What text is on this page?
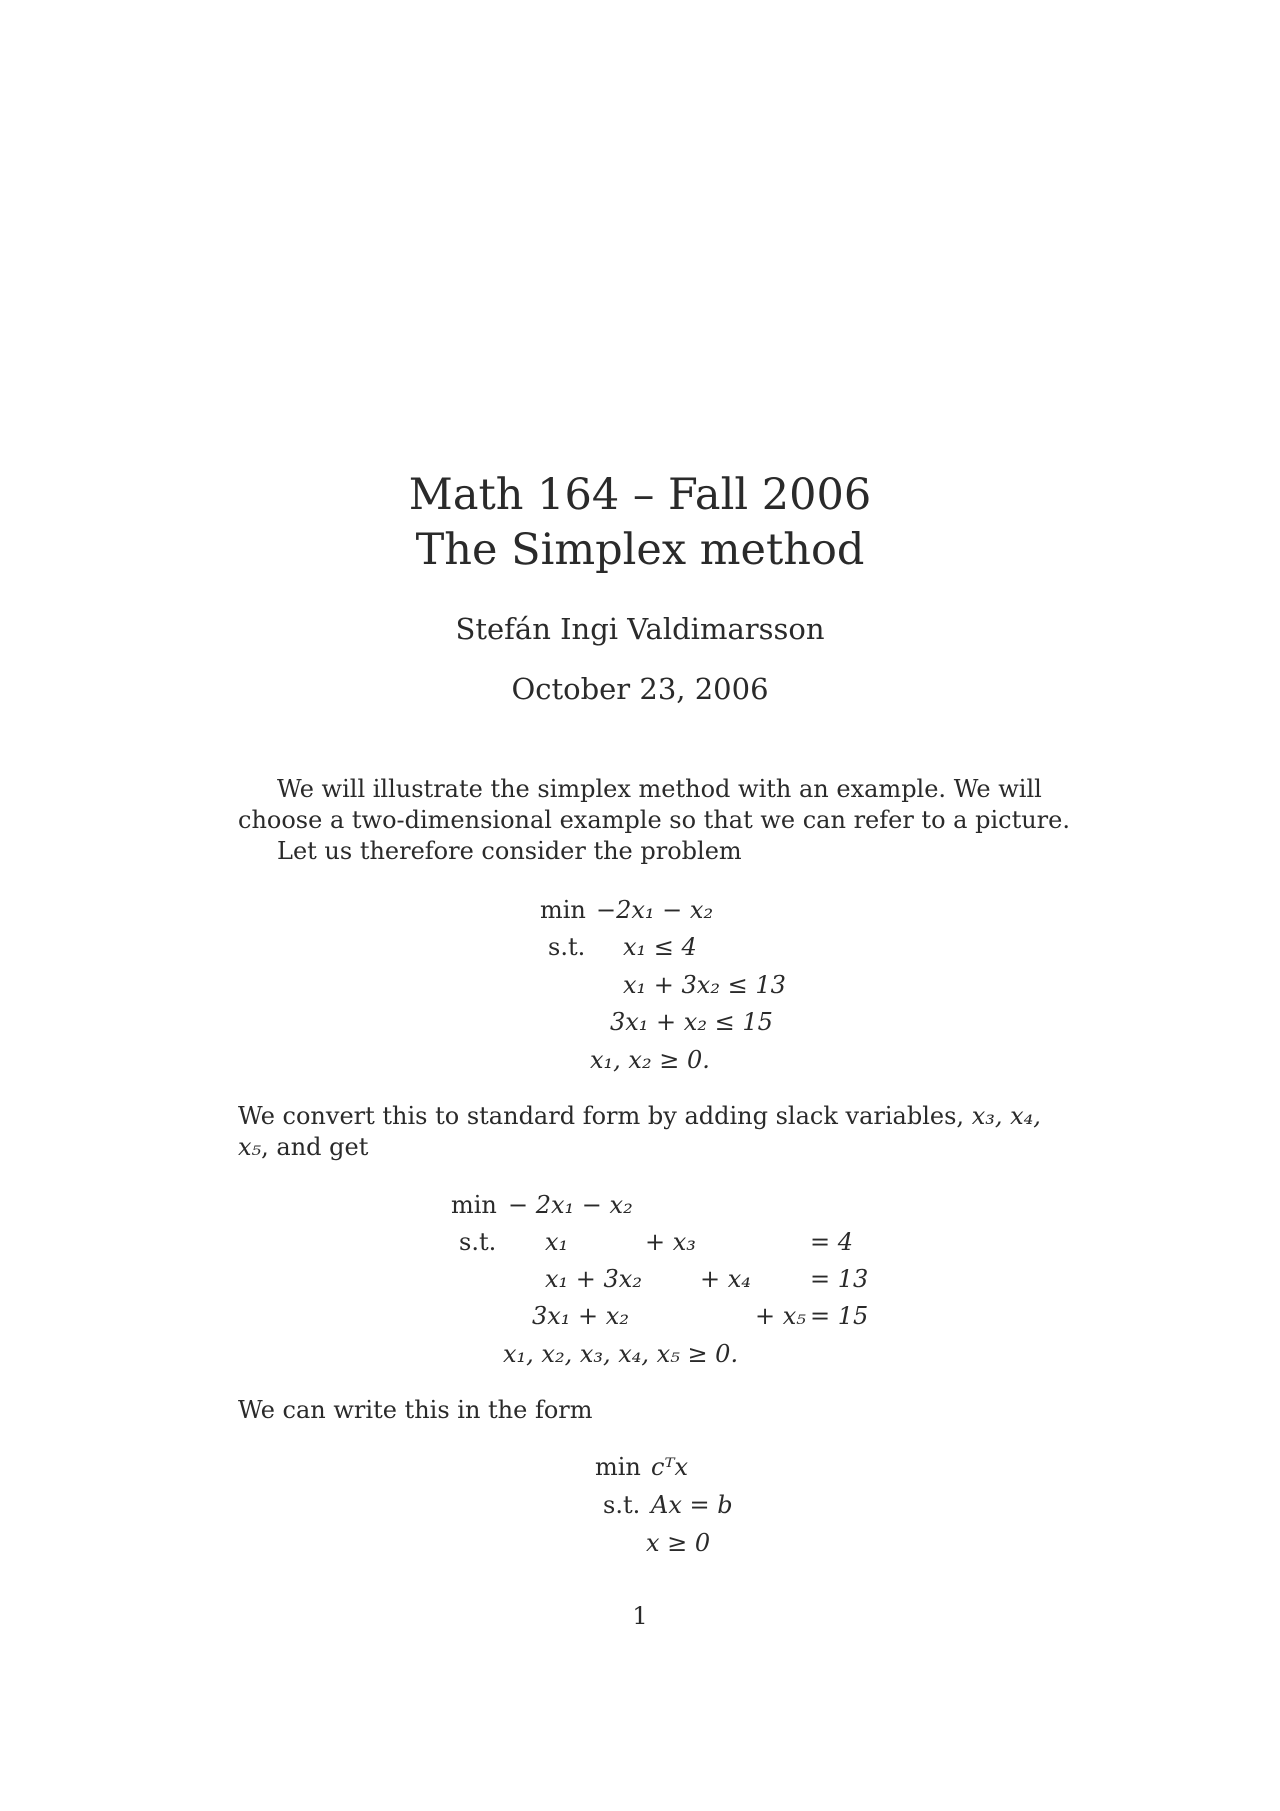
Math 164 – Fall 2006
The Simplex method
Stefán Ingi Valdimarsson
October 23, 2006
We will illustrate the simplex method with an example. We will choose a two-dimensional example so that we can refer to a picture.
Let us therefore consider the problem
min −2x₁ − x₂
s.t. x₁ ≤ 4
x₁ + 3x₂ ≤ 13
3x₁ + x₂ ≤ 15
x₁, x₂ ≥ 0.
We convert this to standard form by adding slack variables, x₃, x₄, x₅, and get
min − 2x₁ − x₂
s.t. x₁	+ x₃	= 4
x₁ + 3x₂ + x₄ = 13
3x₁ + x₂	+ x₅ = 15
x₁, x₂, x₃, x₄, x₅ ≥ 0.
We can write this in the form
min cᵀx
s.t. Ax = b
x ≥ 0
1
